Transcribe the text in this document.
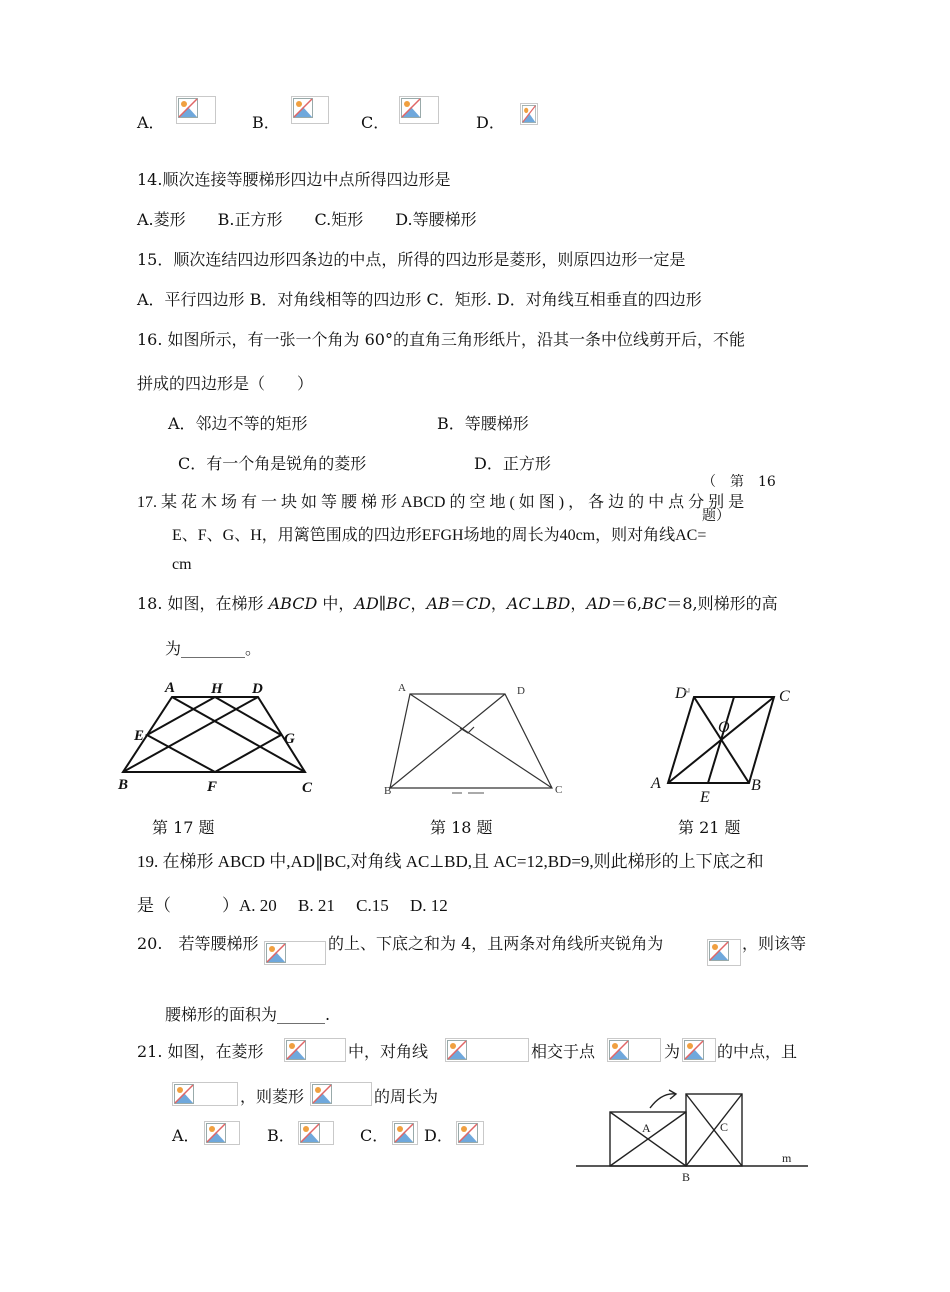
A．	B．	C．	D．
14.顺次连接等腰梯形四边中点所得四边形是
A.菱形　　B.正方形　　C.矩形　　D.等腰梯形
15．顺次连结四边形四条边的中点，所得的四边形是菱形，则原四边形一定是
A．平行四边形 B．对角线相等的四边形 C．矩形. D．对角线互相垂直的四边形
16. 如图所示，有一张一个角为 60°的直角三角形纸片，沿其一条中位线剪开后，不能
拼成的四边形是（　　）
A．邻边不等的矩形	B．等腰梯形
C．有一个角是锐角的菱形	D．正方形
（　第　16
题）
17. 某 花 木 场 有 一 块 如 等 腰 梯 形 ABCD 的 空 地 ( 如 图 ) ， 各 边 的 中 点 分 别 是
E、F、G、H，用篱笆围成的四边形EFGH场地的周长为40cm，则对角线AC=
cm
18. 如图，在梯形 ABCD 中，AD∥BC，AB＝CD，AC⊥BD，AD＝6,BC＝8,则梯形的高
为________。
A H D
E	G
B	F	C
第 17 题
A	D
B	C
第 18 题
D	C
O
A
E
B
第 21 题
19. 在梯形 ABCD 中,AD∥BC,对角线 AC⊥BD,且 AC=12,BD=9,则此梯形的上下底之和
是（　　　）A. 20　 B. 21　 C.15　 D. 12
20.　若等腰梯形	的上、下底之和为 4，且两条对角线所夹锐角为	，则该等
腰梯形的面积为______.
21. 如图，在菱形	中，对角线	相交于点	为 的中点，且
，则菱形	的周长为
A．	B．	C． D．	A	C
B
m
